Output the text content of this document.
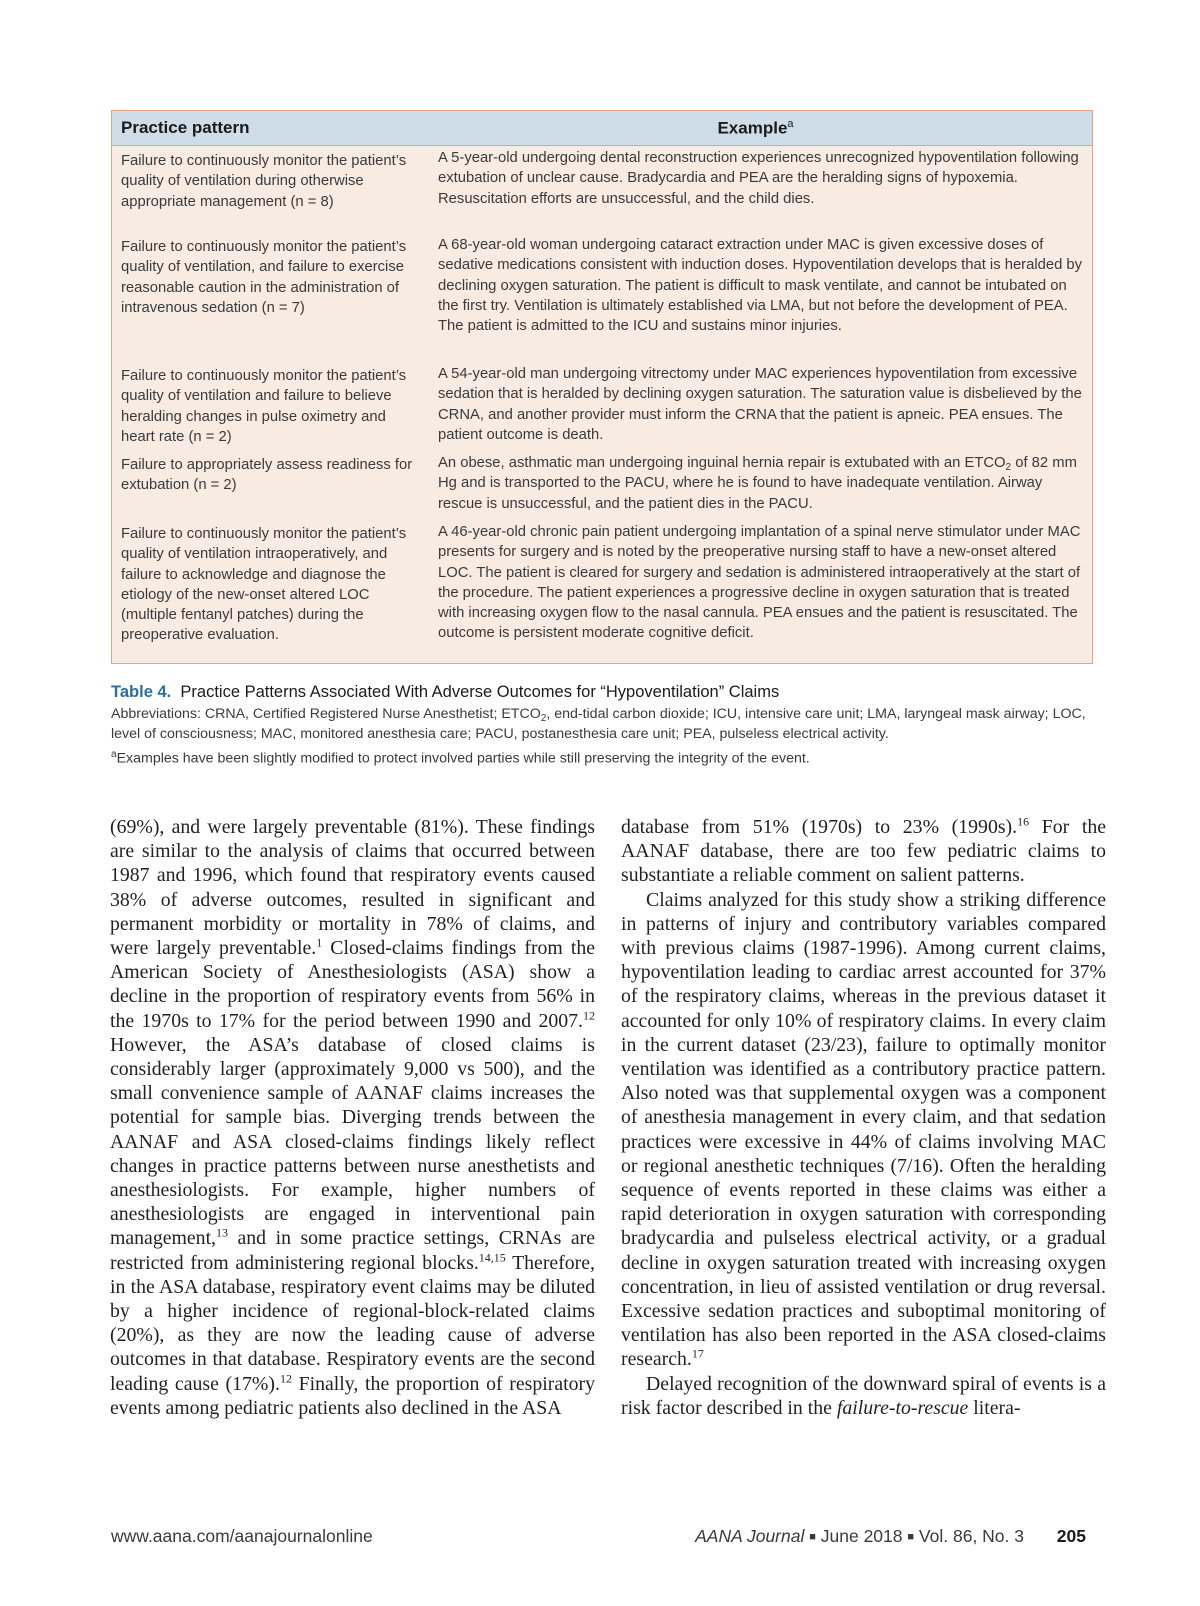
Practice pattern	Example$^a$
Failure to continuously monitor the patient’s quality of ventilation during otherwise appropriate management (n = 8)
A 5-year-old undergoing dental reconstruction experiences unrecognized hypoventilation following extubation of unclear cause. Bradycardia and PEA are the heralding signs of hypoxemia. Resuscitation efforts are unsuccessful, and the child dies.
Failure to continuously monitor the patient’s quality of ventilation, and failure to exercise reasonable caution in the administration of intravenous sedation (n = 7)
A 68-year-old woman undergoing cataract extraction under MAC is given excessive doses of sedative medications consistent with induction doses. Hypoventilation develops that is heralded by declining oxygen saturation. The patient is difficult to mask ventilate, and cannot be intubated on the first try. Ventilation is ultimately established via LMA, but not before the development of PEA. The patient is admitted to the ICU and sustains minor injuries.
Failure to continuously monitor the patient’s quality of ventilation and failure to believe heralding changes in pulse oximetry and heart rate (n = 2)
A 54-year-old man undergoing vitrectomy under MAC experiences hypoventilation from excessive sedation that is heralded by declining oxygen saturation. The saturation value is disbelieved by the CRNA, and another provider must inform the CRNA that the patient is apneic. PEA ensues. The patient outcome is death.
Failure to appropriately assess readiness for extubation (n = 2)
An obese, asthmatic man undergoing inguinal hernia repair is extubated with an $ETCO_2$ of 82 mm Hg and is transported to the PACU, where he is found to have inadequate ventilation. Airway rescue is unsuccessful, and the patient dies in the PACU.
Failure to continuously monitor the patient’s quality of ventilation intraoperatively, and failure to acknowledge and diagnose the etiology of the new-onset altered LOC (multiple fentanyl patches) during the preoperative evaluation.
A 46-year-old chronic pain patient undergoing implantation of a spinal nerve stimulator under MAC presents for surgery and is noted by the preoperative nursing staff to have a new-onset altered LOC. The patient is cleared for surgery and sedation is administered intraoperatively at the start of the procedure. The patient experiences a progressive decline in oxygen saturation that is treated with increasing oxygen flow to the nasal cannula. PEA ensues and the patient is resuscitated. The outcome is persistent moderate cognitive deficit.
Table 4. Practice Patterns Associated With Adverse Outcomes for “Hypoventilation” Claims
Abbreviations: CRNA, Certified Registered Nurse Anesthetist; $ETCO_2$, end-tidal carbon dioxide; ICU, intensive care unit; LMA, laryngeal mask airway; LOC, level of consciousness; MAC, monitored anesthesia care; PACU, postanesthesia care unit; PEA, pulseless electrical activity.
$^a$Examples have been slightly modified to protect involved parties while still preserving the integrity of the event.

(69%), and were largely preventable (81%). These findings are similar to the analysis of claims that occurred between 1987 and 1996, which found that respiratory events caused 38% of adverse outcomes, resulted in significant and permanent morbidity or mortality in 78% of claims, and were largely preventable.$^1$ Closed-claims findings from the American Society of Anesthesiologists (ASA) show a decline in the proportion of respiratory events from 56% in the 1970s to 17% for the period between 1990 and 2007.12 However, the ASA’s database of closed claims is considerably larger (approximately 9,000 vs 500), and the small convenience sample of AANAF claims increases the potential for sample bias. Diverging trends between the AANAF and ASA closed-claims findings likely reflect changes in practice patterns between nurse anesthetists and anesthesiologists. For example, higher numbers of anesthesiologists are engaged in interventional pain management,$^{13}$ and in some practice settings, CRNAs are restricted from administering regional blocks.$^{14,15}$ Therefore, in the ASA database, respiratory event claims may be diluted by a higher incidence of regional-block-related claims (20%), as they are now the leading cause of adverse outcomes in that database. Respiratory events are the second leading cause (17%).$^{12}$ Finally, the proportion of respiratory events among pediatric patients also declined in the ASA

database from 51% (1970s) to 23% (1990s).$^{16}$ For the AANAF database, there are too few pediatric claims to substantiate a reliable comment on salient patterns.

Claims analyzed for this study show a striking difference in patterns of injury and contributory variables compared with previous claims (1987-1996). Among current claims, hypoventilation leading to cardiac arrest accounted for 37% of the respiratory claims, whereas in the previous dataset it accounted for only 10% of respiratory claims. In every claim in the current dataset (23/23), failure to optimally monitor ventilation was identified as a contributory practice pattern. Also noted was that supplemental oxygen was a component of anesthesia management in every claim, and that sedation practices were excessive in 44% of claims involving MAC or regional anesthetic techniques (7/16). Often the heralding sequence of events reported in these claims was either a rapid deterioration in oxygen saturation with corresponding bradycardia and pulseless electrical activity, or a gradual decline in oxygen saturation treated with increasing oxygen concentration, in lieu of assisted ventilation or drug reversal. Excessive sedation practices and suboptimal monitoring of ventilation has also been reported in the ASA closed-claims research.$^{17}$

Delayed recognition of the downward spiral of events is a risk factor described in the failure-to-rescue litera-

www.aana.com/aanajournalonline	AANA Journal ■ June 2018 ■ Vol. 86, No. 3 205
